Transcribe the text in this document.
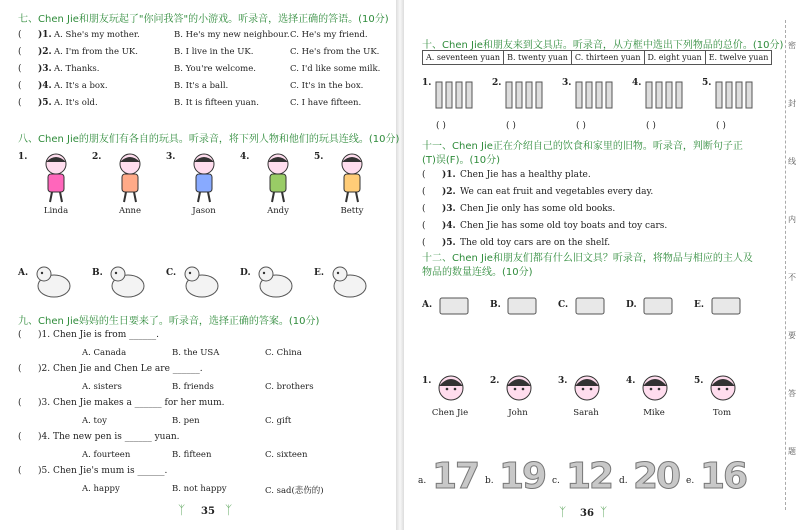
七、Chen Jie和朋友玩起了"你问我答"的小游戏。听录音，选择正确的答语。(10分)
八、Chen Jie的朋友们有各自的玩具。听录音，将下列人物和他们的玩具连线。(10分)
九、Chen Jie妈妈的生日要来了。听录音，选择正确的答案。(10分)
35
ᛉ	ᛉ
( )1. A. She's my mother.	B. He's my new neighbour. C. He's my friend.
( )2. A. I'm from the UK.	B. I live in the UK.	C. He's from the UK.
( )3. A. Thanks.	B. You're welcome.	C. I'd like some milk.
( )4. A. It's a box.	B. It's a ball.	C. It's in the box.
( )5. A. It's old.	B. It is fifteen yuan.	C. I have fifteen.
1.
Linda
2.
Anne
3.
Jason
4.
Andy
5.
Betty
A.	B.	C.	D.	E.
( )1. Chen Jie is from ______.
A. Canada	B. the USA	C. China
( )2. Chen Jie and Chen Le are ______.
A. sisters	B. friends	C. brothers
( )3. Chen Jie makes a ______ for her mum.
A. toy	B. pen	C. gift
( )4. The new pen is ______ yuan.
A. fourteen	B. fifteen	C. sixteen
( )5. Chen Jie's mum is ______.
A. happy	B. not happy	C. sad(悲伤的)
十、Chen Jie和朋友来到文具店。听录音，从方框中选出下列物品的总价。(10分)
A. seventeen yuan B. twenty yuan C. thirteen yuan D. eight yuan E. twelve yuan
十一、Chen Jie正在介绍自己的饮食和家里的旧物。听录音，判断句子正(T)误(F)。(10分)
十二、Chen Jie和朋友们都有什么旧文具？听录音，将物品与相应的主人及物品的数量连线。(10分)
36
ᛉ	ᛉ
1.
( )
2.
( )
3.
( )
4.
( )
5.
( )
( )1. Chen Jie has a healthy plate.
( )2. We can eat fruit and vegetables every day.
( )3. Chen Jie only has some old books.
( )4. Chen Jie has some old toy boats and toy cars.
( )5. The old toy cars are on the shelf.
A.	B.	C.	D.	E.
1.
Chen Jie
2.
John
3.
Sarah
4.
Mike
5.
Tom
a. 17 b. 19 c. 12 d. 20 e. 16
密
封
线
内
不
要
答
题
